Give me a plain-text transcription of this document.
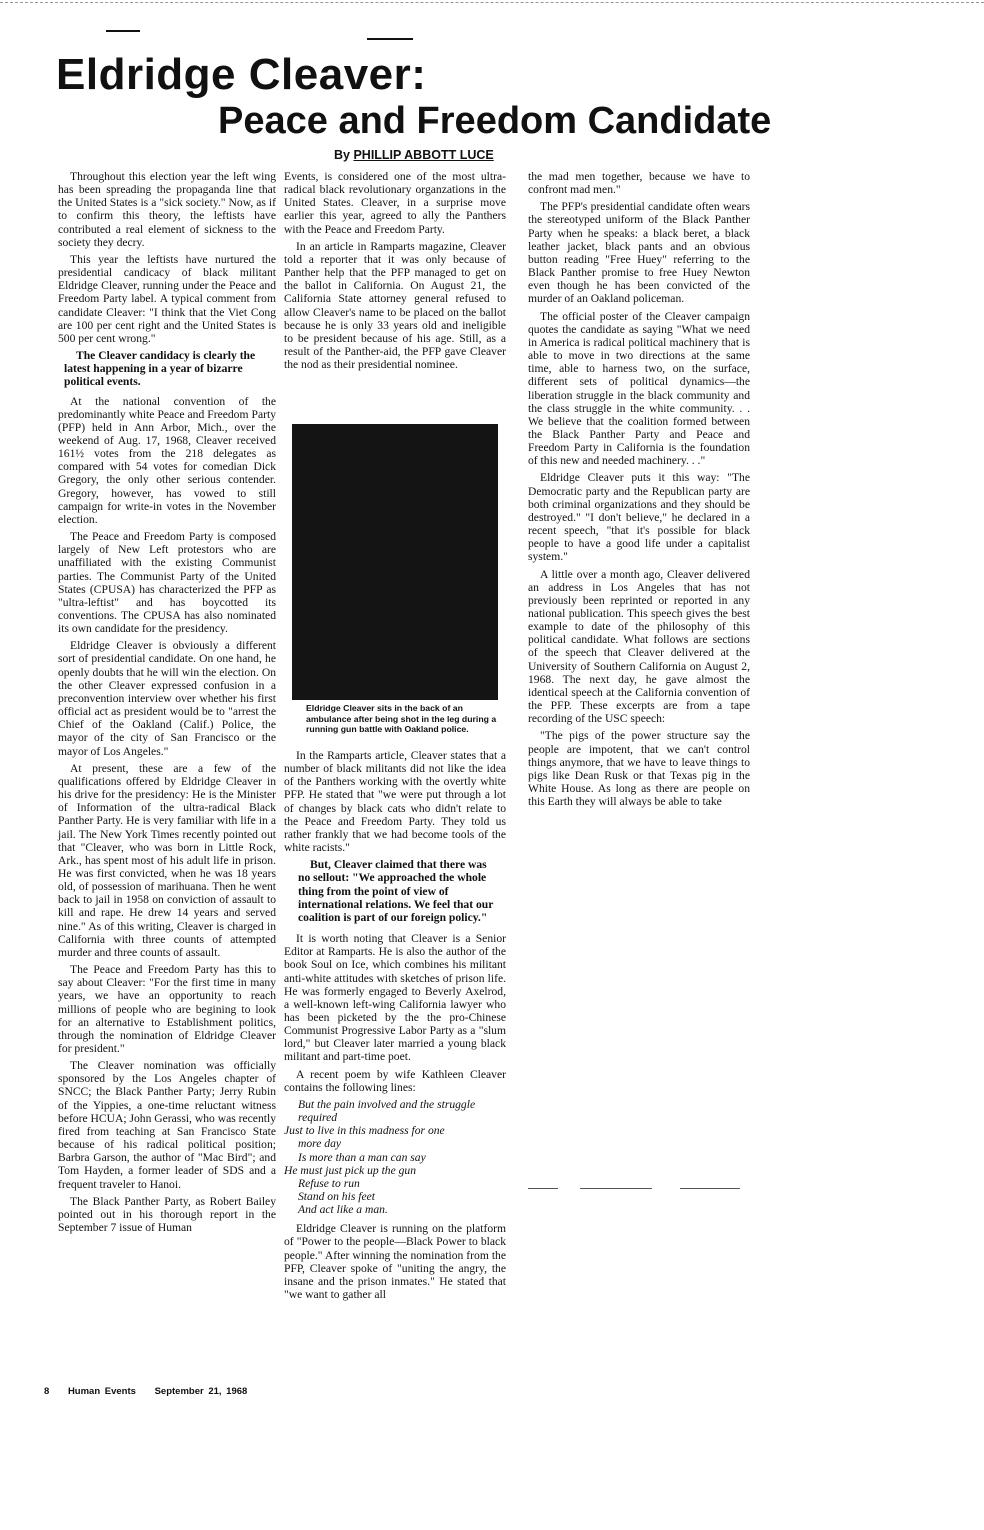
Eldridge Cleaver:
Peace and Freedom Candidate
By PHILLIP ABBOTT LUCE

Throughout this election year the left wing has been spreading the propaganda line that the United States is a "sick society." Now, as if to confirm this theory, the leftists have contributed a real element of sickness to the society they decry.

This year the leftists have nurtured the presidential candicacy of black militant Eldridge Cleaver, running under the Peace and Freedom Party label. A typical comment from candidate Cleaver: "I think that the Viet Cong are 100 per cent right and the United States is 500 per cent wrong."

The Cleaver candidacy is clearly the latest happening in a year of bizarre political events.

At the national convention of the predominantly white Peace and Freedom Party (PFP) held in Ann Arbor, Mich., over the weekend of Aug. 17, 1968, Cleaver received 161½ votes from the 218 delegates as compared with 54 votes for comedian Dick Gregory, the only other serious contender. Gregory, however, has vowed to still campaign for write-in votes in the November election.

The Peace and Freedom Party is composed largely of New Left protestors who are unaffiliated with the existing Communist parties. The Communist Party of the United States (CPUSA) has characterized the PFP as "ultra-leftist" and has boycotted its conventions. The CPUSA has also nominated its own candidate for the presidency.

Eldridge Cleaver is obviously a different sort of presidential candidate. On one hand, he openly doubts that he will win the election. On the other Cleaver expressed confusion in a preconvention interview over whether his first official act as president would be to "arrest the Chief of the Oakland (Calif.) Police, the mayor of the city of San Francisco or the mayor of Los Angeles."

At present, these are a few of the qualifications offered by Eldridge Cleaver in his drive for the presidency: He is the Minister of Information of the ultra-radical Black Panther Party. He is very familiar with life in a jail. The New York Times recently pointed out that "Cleaver, who was born in Little Rock, Ark., has spent most of his adult life in prison. He was first convicted, when he was 18 years old, of possession of marihuana. Then he went back to jail in 1958 on conviction of assault to kill and rape. He drew 14 years and served nine." As of this writing, Cleaver is charged in California with three counts of attempted murder and three counts of assault.

The Peace and Freedom Party has this to say about Cleaver: "For the first time in many years, we have an opportunity to reach millions of people who are begining to look for an alternative to Establishment politics, through the nomination of Eldridge Cleaver for president."

The Cleaver nomination was officially sponsored by the Los Angeles chapter of SNCC; the Black Panther Party; Jerry Rubin of the Yippies, a one-time reluctant witness before HCUA; John Gerassi, who was recently fired from teaching at San Francisco State because of his radical political position; Barbra Garson, the author of "Mac Bird"; and Tom Hayden, a former leader of SDS and a frequent traveler to Hanoi.

The Black Panther Party, as Robert Bailey pointed out in his thorough report in the September 7 issue of Human

Events, is considered one of the most ultra-radical black revolutionary organzations in the United States. Cleaver, in a surprise move earlier this year, agreed to ally the Panthers with the Peace and Freedom Party.

In an article in Ramparts magazine, Cleaver told a reporter that it was only because of Panther help that the PFP managed to get on the ballot in California. On August 21, the California State attorney general refused to allow Cleaver's name to be placed on the ballot because he is only 33 years old and ineligible to be president because of his age. Still, as a result of the Panther-aid, the PFP gave Cleaver the nod as their presidential nominee.

Eldridge Cleaver sits in the back of an ambulance after being shot in the leg during a running gun battle with Oakland police.

In the Ramparts article, Cleaver states that a number of black militants did not like the idea of the Panthers working with the overtly white PFP. He stated that "we were put through a lot of changes by black cats who didn't relate to the Peace and Freedom Party. They told us rather frankly that we had become tools of the white racists."

But, Cleaver claimed that there was no sellout: "We approached the whole thing from the point of view of international relations. We feel that our coalition is part of our foreign policy."

It is worth noting that Cleaver is a Senior Editor at Ramparts. He is also the author of the book Soul on Ice, which combines his militant anti-white attitudes with sketches of prison life. He was formerly engaged to Beverly Axelrod, a well-known left-wing California lawyer who has been picketed by the the pro-Chinese Communist Progressive Labor Party as a "slum lord," but Cleaver later married a young black militant and part-time poet.

A recent poem by wife Kathleen Cleaver contains the following lines:

But the pain involved and the struggle
required
Just to live in this madness for one
more day
Is more than a man can say
He must just pick up the gun
Refuse to run
Stand on his feet
And act like a man.

Eldridge Cleaver is running on the platform of "Power to the people—Black Power to black people." After winning the nomination from the PFP, Cleaver spoke of "uniting the angry, the insane and the prison inmates." He stated that "we want to gather all

the mad men together, because we have to confront mad men."

The PFP's presidential candidate often wears the stereotyped uniform of the Black Panther Party when he speaks: a black beret, a black leather jacket, black pants and an obvious button reading "Free Huey" referring to the Black Panther promise to free Huey Newton even though he has been convicted of the murder of an Oakland policeman.

The official poster of the Cleaver campaign quotes the candidate as saying "What we need in America is radical political machinery that is able to move in two directions at the same time, able to harness two, on the surface, different sets of political dynamics—the liberation struggle in the black community and the class struggle in the white community. . . We believe that the coalition formed between the Black Panther Party and Peace and Freedom Party in California is the foundation of this new and needed machinery. . ."

Eldridge Cleaver puts it this way: "The Democratic party and the Republican party are both criminal organizations and they should be destroyed." "I don't believe," he declared in a recent speech, "that it's possible for black people to have a good life under a capitalist system."

A little over a month ago, Cleaver delivered an address in Los Angeles that has not previously been reprinted or reported in any national publication. This speech gives the best example to date of the philosophy of this political candidate. What follows are sections of the speech that Cleaver delivered at the University of Southern California on August 2, 1968. The next day, he gave almost the identical speech at the California convention of the PFP. These excerpts are from a tape recording of the USC speech:

"The pigs of the power structure say the people are impotent, that we can't control things anymore, that we have to leave things to pigs like Dean Rusk or that Texas pig in the White House. As long as there are people on this Earth they will always be able to take

8 Human Events September 21, 1968
